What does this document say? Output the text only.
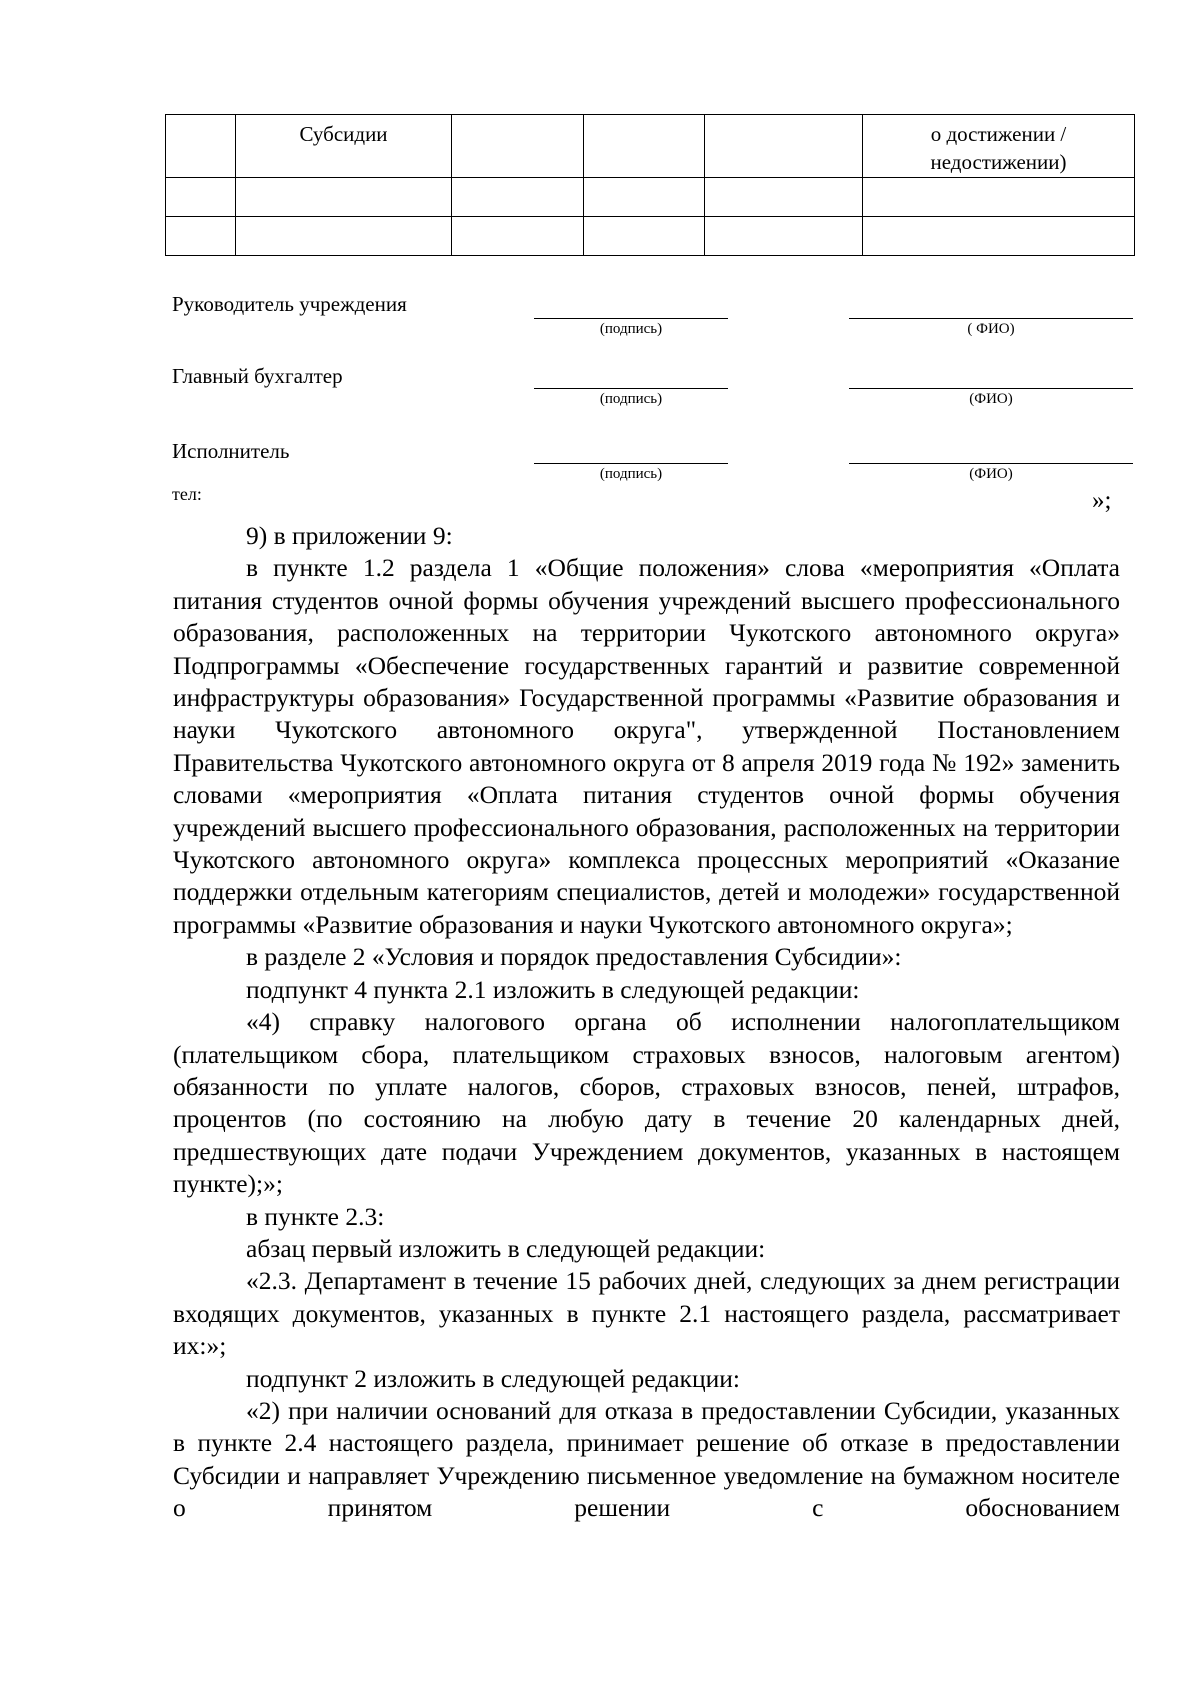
	Субсидии				о достижении / недостижении)

Руководитель учреждения
(подпись)	( ФИО)
Главный бухгалтер
(подпись)	(ФИО)
Исполнитель
(подпись)	(ФИО)
тел:	»;

9) в приложении 9:

в пункте 1.2 раздела 1 «Общие положения» слова «мероприятия «Оплата питания студентов очной формы обучения учреждений высшего профессионального образования, расположенных на территории Чукотского автономного округа» Подпрограммы «Обеспечение государственных гарантий и развитие современной инфраструктуры образования» Государственной программы «Развитие образования и науки Чукотского автономного округа", утвержденной Постановлением Правительства Чукотского автономного округа от 8 апреля 2019 года № 192» заменить словами «мероприятия «Оплата питания студентов очной формы обучения учреждений высшего профессионального образования, расположенных на территории Чукотского автономного округа» комплекса процессных мероприятий «Оказание поддержки отдельным категориям специалистов, детей и молодежи» государственной программы «Развитие образования и науки Чукотского автономного округа»;

в разделе 2 «Условия и порядок предоставления Субсидии»:

подпункт 4 пункта 2.1 изложить в следующей редакции:

«4) справку налогового органа об исполнении налогоплательщиком (плательщиком сбора, плательщиком страховых взносов, налоговым агентом) обязанности по уплате налогов, сборов, страховых взносов, пеней, штрафов, процентов (по состоянию на любую дату в течение 20 календарных дней, предшествующих дате подачи Учреждением документов, указанных в настоящем пункте);»;

в пункте 2.3:

абзац первый изложить в следующей редакции:

«2.3. Департамент в течение 15 рабочих дней, следующих за днем регистрации входящих документов, указанных в пункте 2.1 настоящего раздела, рассматривает их:»;

подпункт 2 изложить в следующей редакции:

«2) при наличии оснований для отказа в предоставлении Субсидии, указанных в пункте 2.4 настоящего раздела, принимает решение об отказе в предоставлении Субсидии и направляет Учреждению письменное уведомление на бумажном носителе о принятом решении с обоснованием
